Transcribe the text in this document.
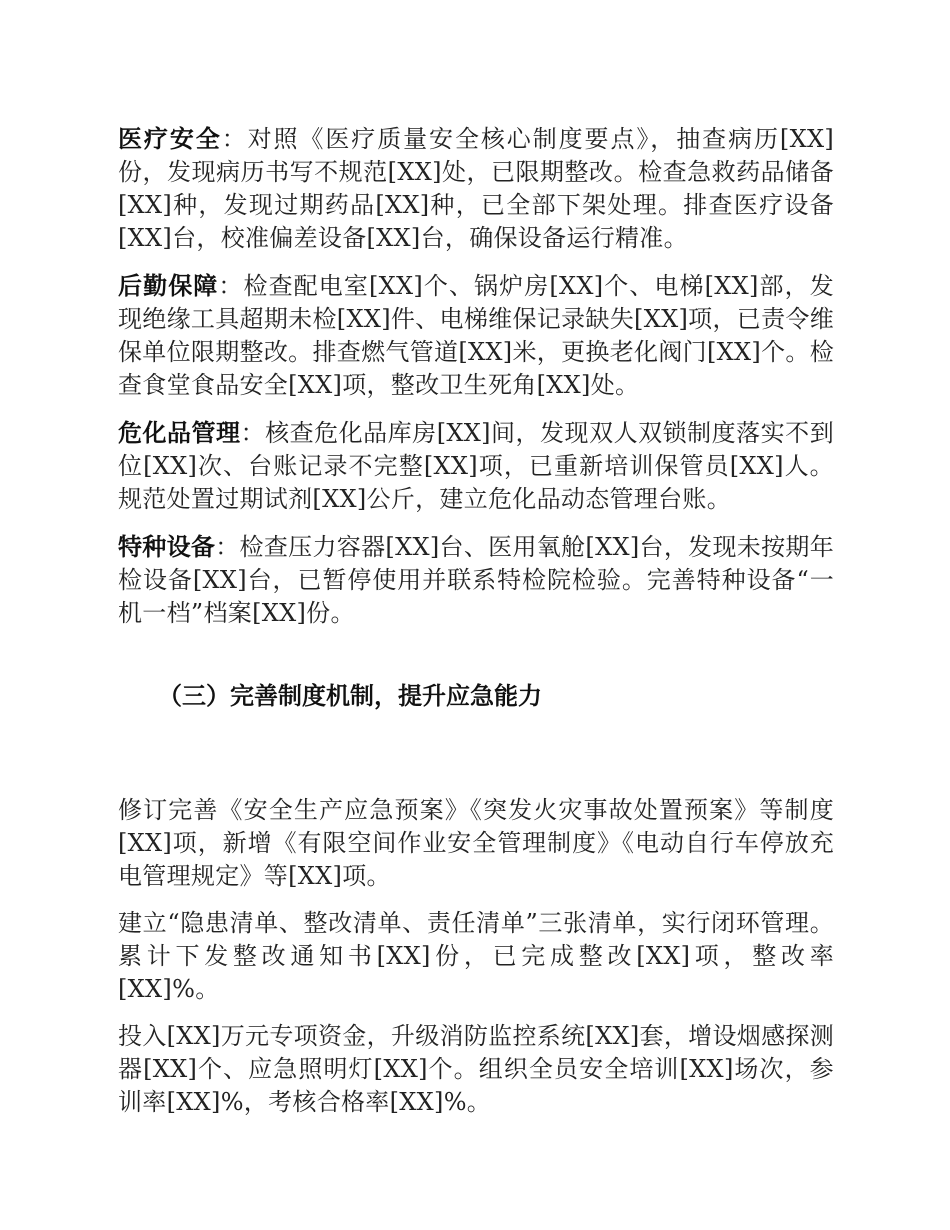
医疗安全：对照《医疗质量安全核心制度要点》，抽查病历[XX]份，发现病历书写不规范[XX]处，已限期整改。检查急救药品储备[XX]种，发现过期药品[XX]种，已全部下架处理。排查医疗设备[XX]台，校准偏差设备[XX]台，确保设备运行精准。

后勤保障：检查配电室[XX]个、锅炉房[XX]个、电梯[XX]部，发现绝缘工具超期未检[XX]件、电梯维保记录缺失[XX]项，已责令维保单位限期整改。排查燃气管道[XX]米，更换老化阀门[XX]个。检查食堂食品安全[XX]项，整改卫生死角[XX]处。

危化品管理：核查危化品库房[XX]间，发现双人双锁制度落实不到位[XX]次、台账记录不完整[XX]项，已重新培训保管员[XX]人。规范处置过期试剂[XX]公斤，建立危化品动态管理台账。

特种设备：检查压力容器[XX]台、医用氧舱[XX]台，发现未按期年检设备[XX]台，已暂停使用并联系特检院检验。完善特种设备“一机一档”档案[XX]份。

（三）完善制度机制，提升应急能力

修订完善《安全生产应急预案》《突发火灾事故处置预案》等制度[XX]项，新增《有限空间作业安全管理制度》《电动自行车停放充电管理规定》等[XX]项。

建立“隐患清单、整改清单、责任清单”三张清单，实行闭环管理。累计下发整改通知书[XX]份，已完成整改[XX]项，整改率[XX]%。

投入[XX]万元专项资金，升级消防监控系统[XX]套，增设烟感探测器[XX]个、应急照明灯[XX]个。组织全员安全培训[XX]场次，参训率[XX]%，考核合格率[XX]%。
